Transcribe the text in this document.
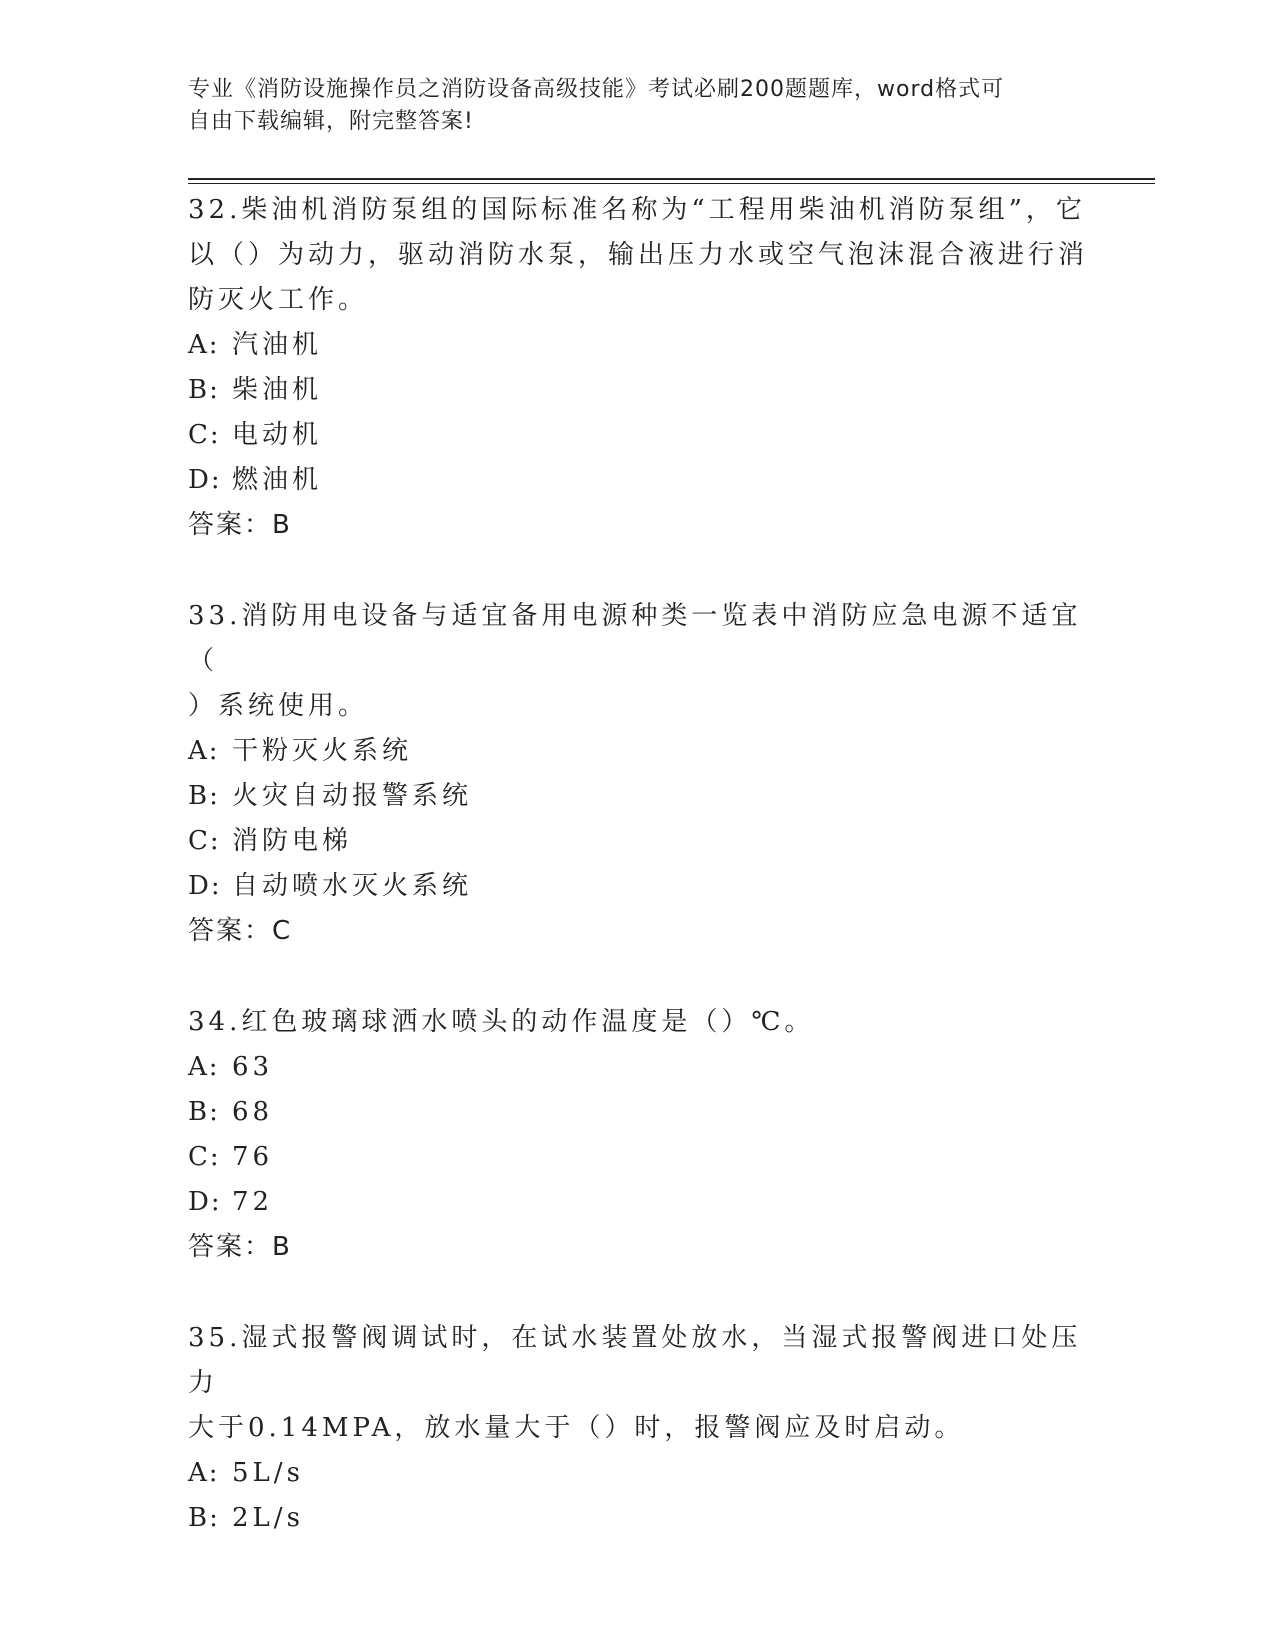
专业《消防设施操作员之消防设备高级技能》考试必刷200题题库，word格式可
自由下载编辑，附完整答案!

32.柴油机消防泵组的国际标准名称为“工程用柴油机消防泵组”，它
以（）为动力，驱动消防水泵，输出压力水或空气泡沫混合液进行消
防灭火工作。

A: 汽油机
B: 柴油机
C: 电动机
D: 燃油机

答案：B

33.消防用电设备与适宜备用电源种类一览表中消防应急电源不适宜（
）系统使用。

A: 干粉灭火系统
B: 火灾自动报警系统
C: 消防电梯
D: 自动喷水灭火系统

答案：C

34.红色玻璃球洒水喷头的动作温度是（）℃。

A: 63
B: 68
C: 76
D: 72

答案：B

35.湿式报警阀调试时，在试水装置处放水，当湿式报警阀进口处压力
大于0.14MPA，放水量大于（）时，报警阀应及时启动。

A: 5L/s
B: 2L/s
